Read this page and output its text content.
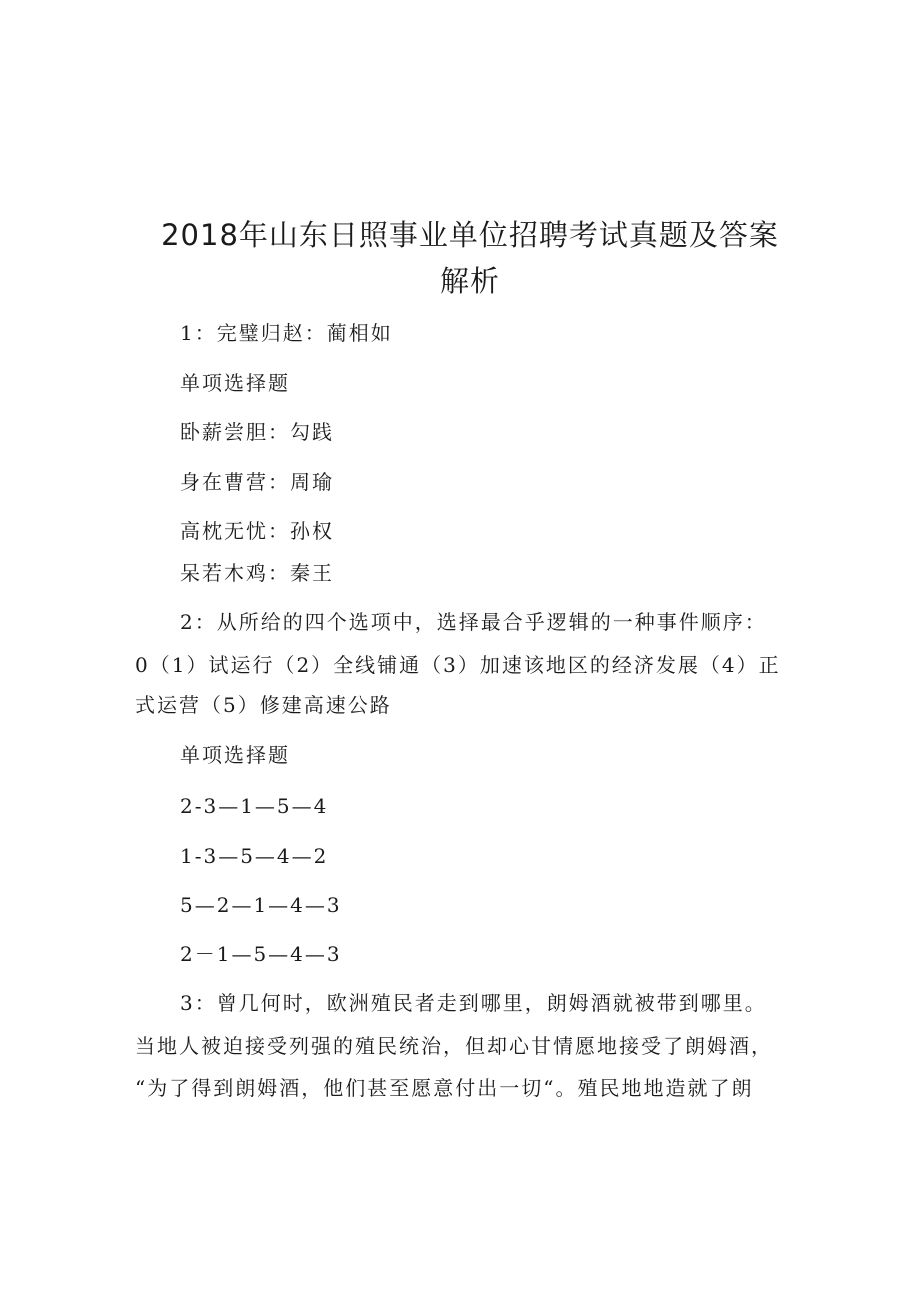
2018年山东日照事业单位招聘考试真题及答案
解析
1：完璧归赵：蔺相如
单项选择题
卧薪尝胆：勾践
身在曹营：周瑜
高枕无忧：孙权
呆若木鸡：秦王
2：从所给的四个选项中，选择最合乎逻辑的一种事件顺序：
0（1）试运行（2）全线铺通（3）加速该地区的经济发展（4）正
式运营（5）修建高速公路
单项选择题
2-3—1—5—4
1-3—5—4—2
5—2—1—4—3
2－1—5—4—3
3：曾几何时，欧洲殖民者走到哪里，朗姆酒就被带到哪里。
当地人被迫接受列强的殖民统治，但却心甘情愿地接受了朗姆酒，
“为了得到朗姆酒，他们甚至愿意付出一切“。殖民地地造就了朗
